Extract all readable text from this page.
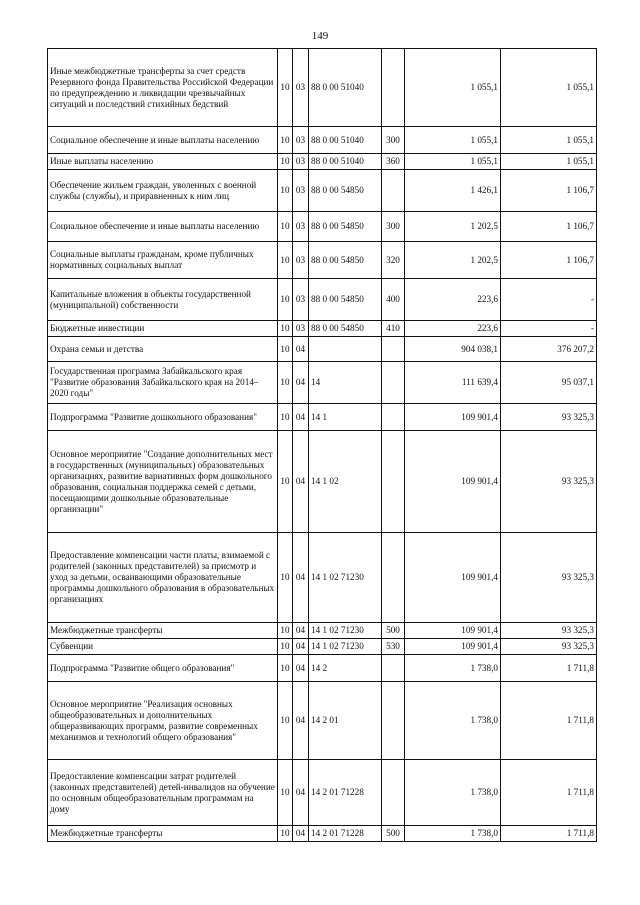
149
Иные межбюджетные трансферты за счет средств Резервного фонда Правительства Российской Федерации по предупреждению и ликвидации чрезвычайных ситуаций и последствий стихийных бедствий	10	03	88 0 00 51040		1 055,1	1 055,1
Социальное обеспечение и иные выплаты населению	10	03	88 0 00 51040	300	1 055,1	1 055,1
Иные выплаты населению	10	03	88 0 00 51040	360	1 055,1	1 055,1
Обеспечение жильем граждан, уволенных с военной службы (службы), и приравненных к ним лиц	10	03	88 0 00 54850		1 426,1	1 106,7
Социальное обеспечение и иные выплаты населению	10	03	88 0 00 54850	300	1 202,5	1 106,7
Социальные выплаты гражданам, кроме публичных нормативных социальных выплат	10	03	88 0 00 54850	320	1 202,5	1 106,7
Капитальные вложения в объекты государственной (муниципальной) собственности	10	03	88 0 00 54850	400	223,6	-
Бюджетные инвестиции	10	03	88 0 00 54850	410	223,6	-
Охрана семьи и детства	10	04			904 038,1	376 207,2
Государственная программа Забайкальского края "Развитие образования Забайкальского края на 2014–2020 годы"	10	04	14		111 639,4	95 037,1
Подпрограмма "Развитие дошкольного образования"	10	04	14 1		109 901,4	93 325,3
Основное мероприятие "Создание дополнительных мест в государственных (муниципальных) образовательных организациях, развитие вариативных форм дошкольного образования, социальная поддержка семей с детьми, посещающими дошкольные образовательные организации"	10	04	14 1 02		109 901,4	93 325,3
Предоставление компенсации части платы, взимаемой с родителей (законных представителей) за присмотр и уход за детьми, осваивающими образовательные программы дошкольного образования в образовательных организациях	10	04	14 1 02 71230		109 901,4	93 325,3
Межбюджетные трансферты	10	04	14 1 02 71230	500	109 901,4	93 325,3
Субвенции	10	04	14 1 02 71230	530	109 901,4	93 325,3
Подпрограмма "Развитие общего образования"	10	04	14 2		1 738,0	1 711,8
Основное мероприятие "Реализация основных общеобразовательных и дополнительных общеразвивающих программ, развитие современных механизмов и технологий общего образования"	10	04	14 2 01		1 738,0	1 711,8
Предоставление компенсации затрат родителей (законных представителей) детей-инвалидов на обучение по основным общеобразовательным программам на дому	10	04	14 2 01 71228		1 738,0	1 711,8
Межбюджетные трансферты	10	04	14 2 01 71228	500	1 738,0	1 711,8
